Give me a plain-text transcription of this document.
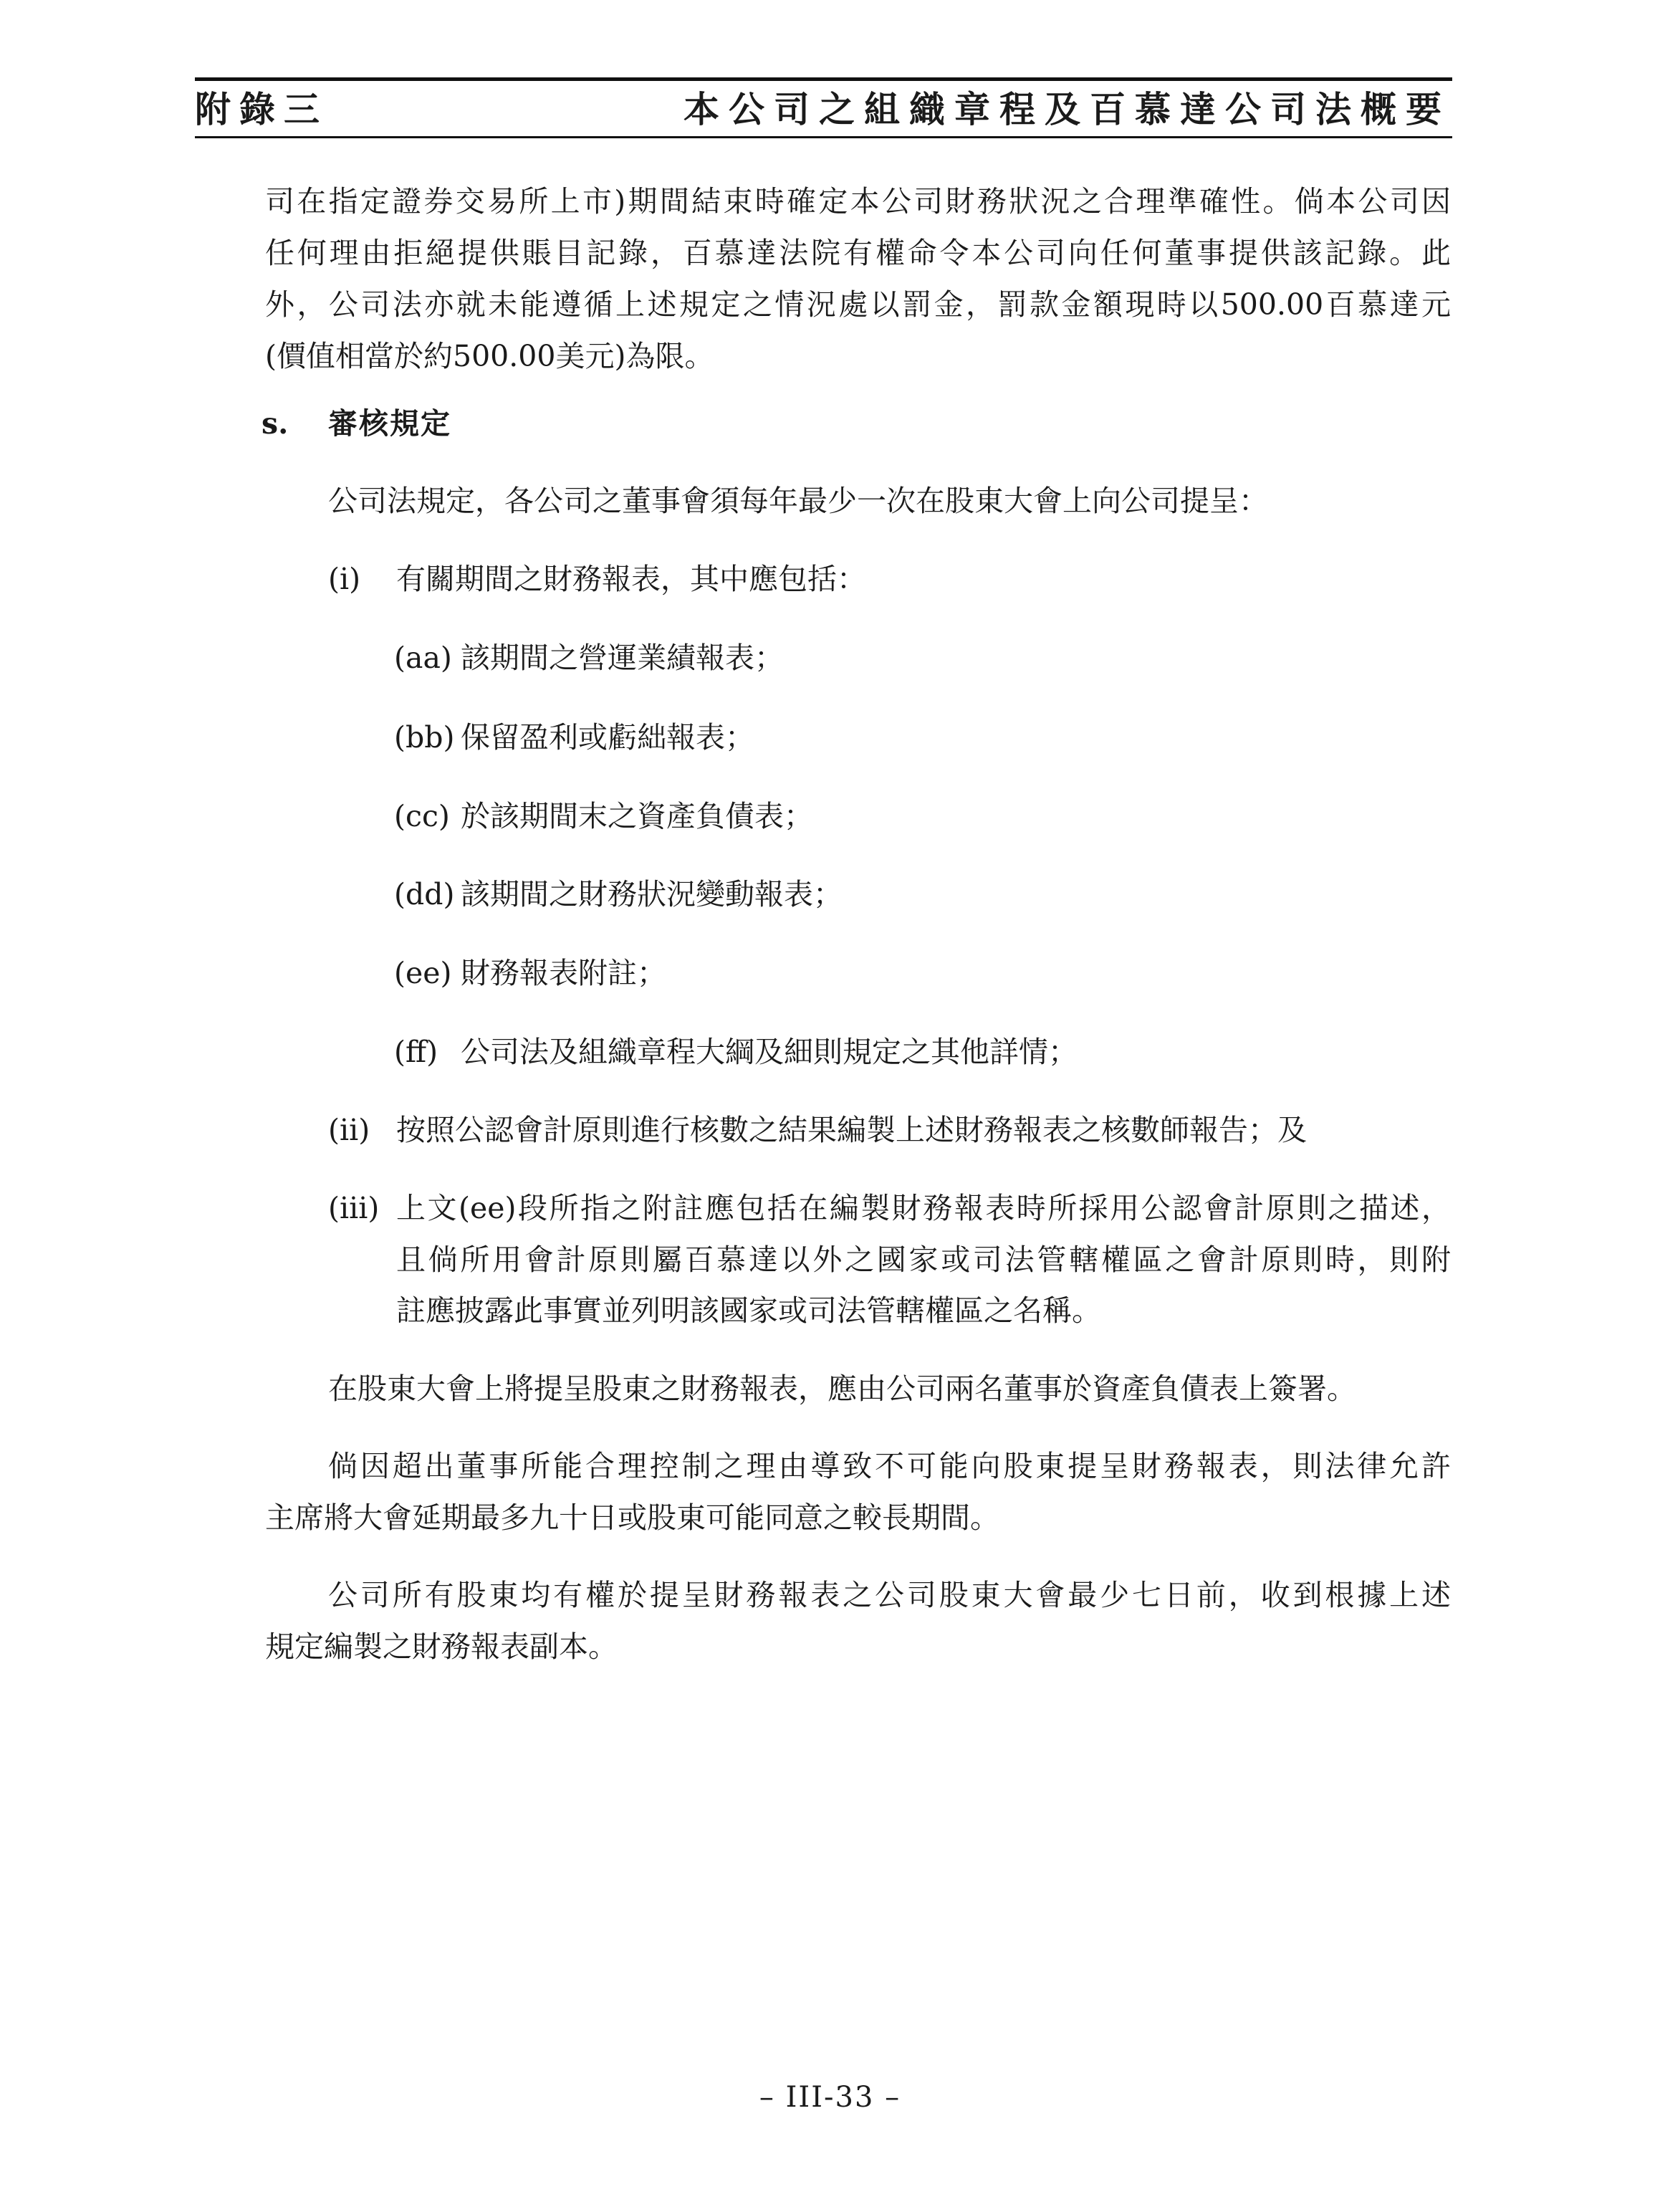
附錄三	本公司之組織章程及百慕達公司法概要
司在指定證券交易所上市)期間結束時確定本公司財務狀況之合理準確性。倘本公司因
任何理由拒絕提供賬目記錄，百慕達法院有權命令本公司向任何董事提供該記錄。此
外，公司法亦就未能遵循上述規定之情況處以罰金，罰款金額現時以500.00百慕達元
(價值相當於約500.00美元)為限。
s. 審核規定
公司法規定，各公司之董事會須每年最少一次在股東大會上向公司提呈：
(i) 有關期間之財務報表，其中應包括：
(aa) 該期間之營運業績報表；
(bb) 保留盈利或虧絀報表；
(cc) 於該期間末之資產負債表；
(dd) 該期間之財務狀況變動報表；
(ee) 財務報表附註；
(ff) 公司法及組織章程大綱及細則規定之其他詳情；
(ii) 按照公認會計原則進行核數之結果編製上述財務報表之核數師報告；及
(iii) 上文(ee)段所指之附註應包括在編製財務報表時所採用公認會計原則之描述，
且倘所用會計原則屬百慕達以外之國家或司法管轄權區之會計原則時，則附
註應披露此事實並列明該國家或司法管轄權區之名稱。
在股東大會上將提呈股東之財務報表，應由公司兩名董事於資產負債表上簽署。
倘因超出董事所能合理控制之理由導致不可能向股東提呈財務報表，則法律允許
主席將大會延期最多九十日或股東可能同意之較長期間。
公司所有股東均有權於提呈財務報表之公司股東大會最少七日前，收到根據上述
規定編製之財務報表副本。
– III-33 –
